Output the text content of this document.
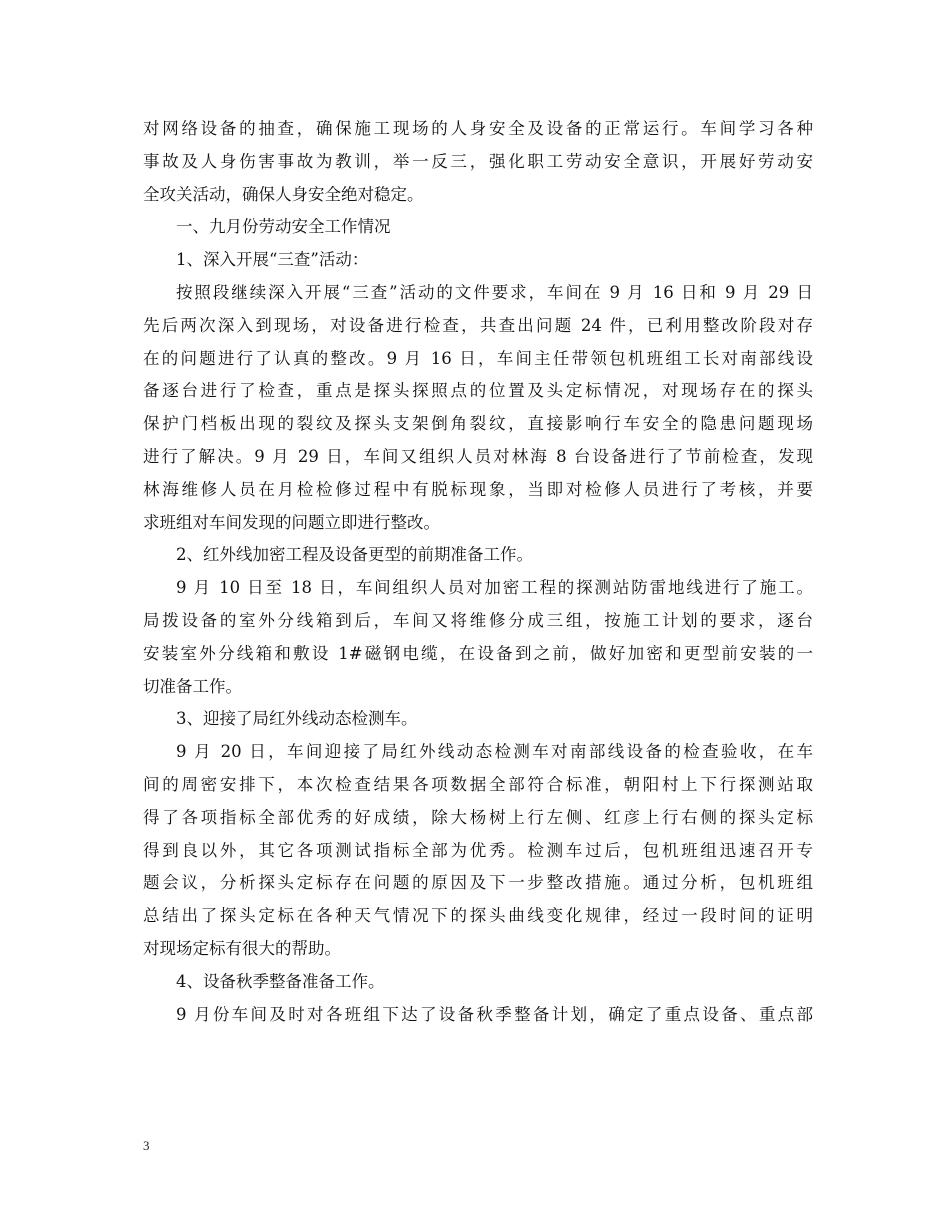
对网络设备的抽查，确保施工现场的人身安全及设备的正常运行。车间学习各种
事故及人身伤害事故为教训，举一反三，强化职工劳动安全意识，开展好劳动安
全攻关活动，确保人身安全绝对稳定。
一、九月份劳动安全工作情况
1、深入开展“三查”活动：
按照段继续深入开展“三查”活动的文件要求，车间在 9 月 16 日和 9 月 29 日
先后两次深入到现场，对设备进行检查，共查出问题 24 件，已利用整改阶段对存
在的问题进行了认真的整改。9 月 16 日，车间主任带领包机班组工长对南部线设
备逐台进行了检查，重点是探头探照点的位置及头定标情况，对现场存在的探头
保护门档板出现的裂纹及探头支架倒角裂纹，直接影响行车安全的隐患问题现场
进行了解决。9 月 29 日，车间又组织人员对林海 8 台设备进行了节前检查，发现
林海维修人员在月检检修过程中有脱标现象，当即对检修人员进行了考核，并要
求班组对车间发现的问题立即进行整改。
2、红外线加密工程及设备更型的前期准备工作。
9 月 10 日至 18 日，车间组织人员对加密工程的探测站防雷地线进行了施工。
局拨设备的室外分线箱到后，车间又将维修分成三组，按施工计划的要求，逐台
安装室外分线箱和敷设 1#磁钢电缆，在设备到之前，做好加密和更型前安装的一
切准备工作。
3、迎接了局红外线动态检测车。
9 月 20 日，车间迎接了局红外线动态检测车对南部线设备的检查验收，在车
间的周密安排下，本次检查结果各项数据全部符合标准，朝阳村上下行探测站取
得了各项指标全部优秀的好成绩，除大杨树上行左侧、红彦上行右侧的探头定标
得到良以外，其它各项测试指标全部为优秀。检测车过后，包机班组迅速召开专
题会议，分析探头定标存在问题的原因及下一步整改措施。通过分析，包机班组
总结出了探头定标在各种天气情况下的探头曲线变化规律，经过一段时间的证明
对现场定标有很大的帮助。
4、设备秋季整备准备工作。
9 月份车间及时对各班组下达了设备秋季整备计划，确定了重点设备、重点部
3
